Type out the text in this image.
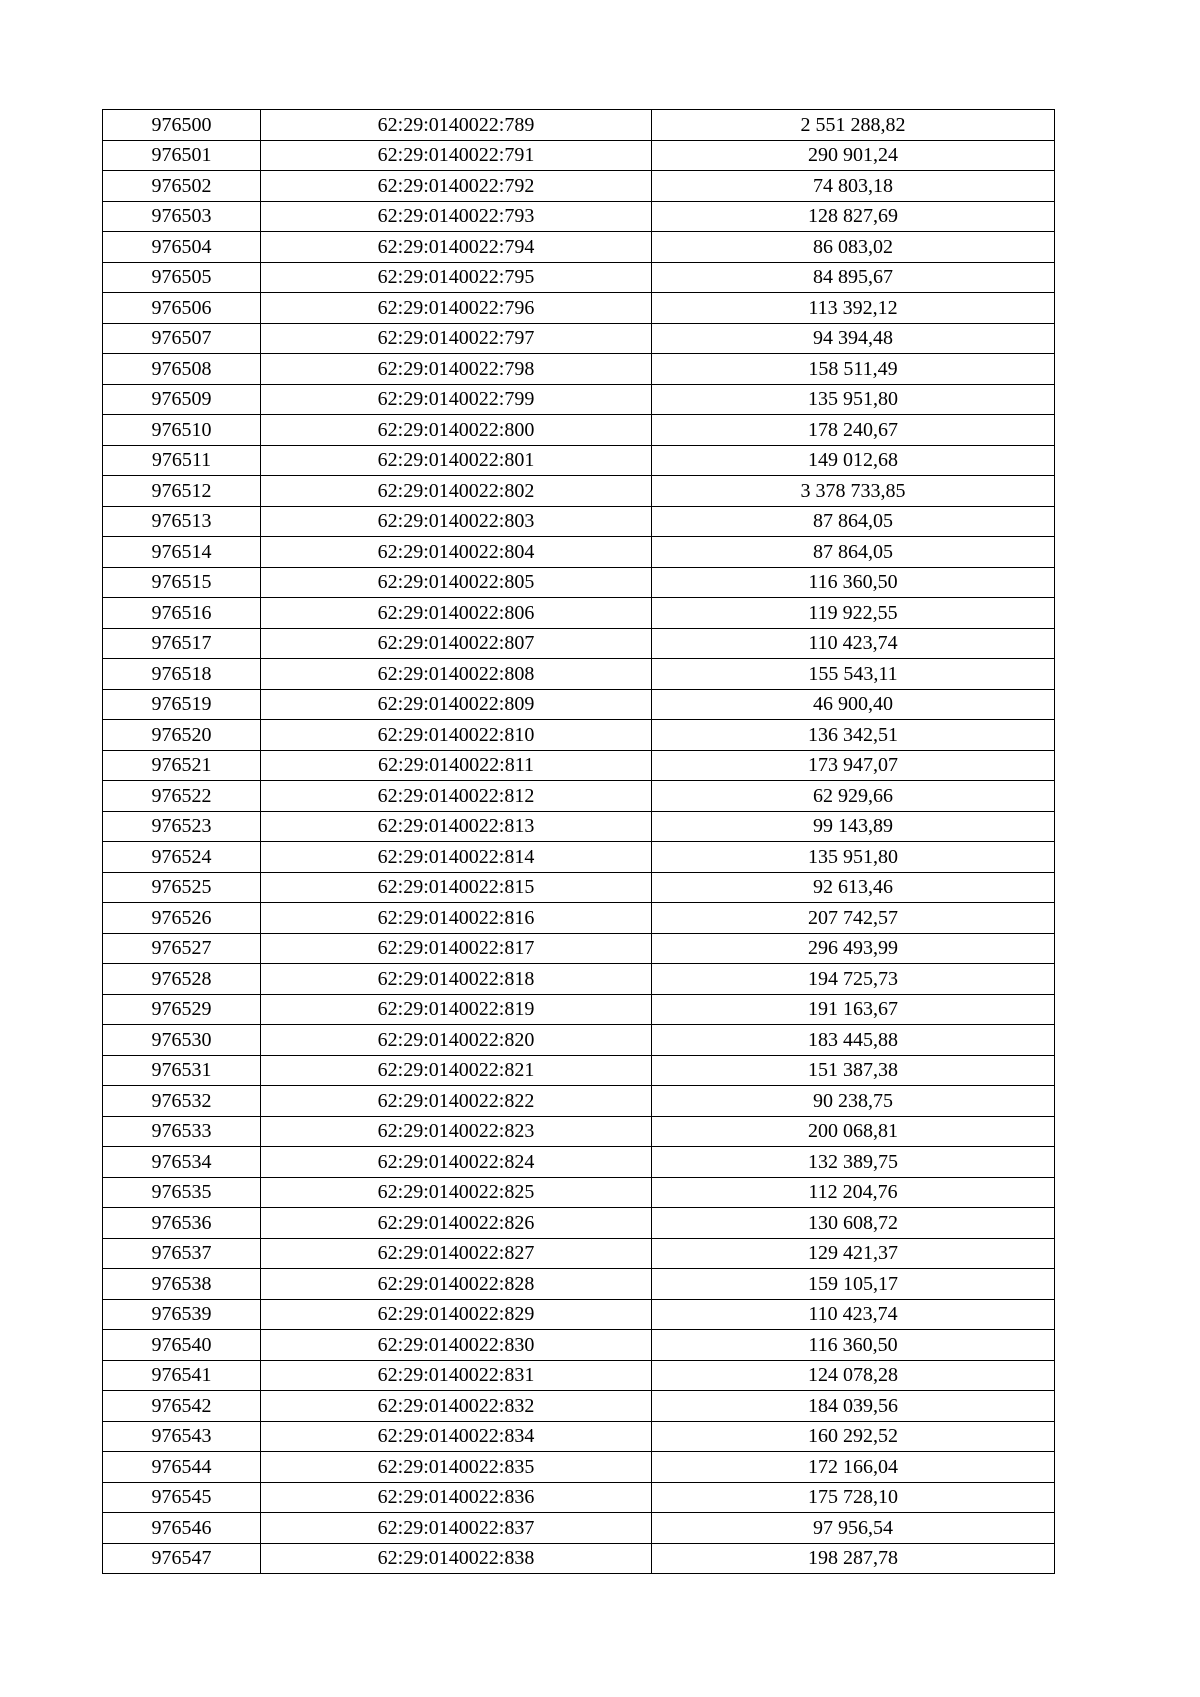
976500	62:29:0140022:789	2 551 288,82
976501	62:29:0140022:791	290 901,24
976502	62:29:0140022:792	74 803,18
976503	62:29:0140022:793	128 827,69
976504	62:29:0140022:794	86 083,02
976505	62:29:0140022:795	84 895,67
976506	62:29:0140022:796	113 392,12
976507	62:29:0140022:797	94 394,48
976508	62:29:0140022:798	158 511,49
976509	62:29:0140022:799	135 951,80
976510	62:29:0140022:800	178 240,67
976511	62:29:0140022:801	149 012,68
976512	62:29:0140022:802	3 378 733,85
976513	62:29:0140022:803	87 864,05
976514	62:29:0140022:804	87 864,05
976515	62:29:0140022:805	116 360,50
976516	62:29:0140022:806	119 922,55
976517	62:29:0140022:807	110 423,74
976518	62:29:0140022:808	155 543,11
976519	62:29:0140022:809	46 900,40
976520	62:29:0140022:810	136 342,51
976521	62:29:0140022:811	173 947,07
976522	62:29:0140022:812	62 929,66
976523	62:29:0140022:813	99 143,89
976524	62:29:0140022:814	135 951,80
976525	62:29:0140022:815	92 613,46
976526	62:29:0140022:816	207 742,57
976527	62:29:0140022:817	296 493,99
976528	62:29:0140022:818	194 725,73
976529	62:29:0140022:819	191 163,67
976530	62:29:0140022:820	183 445,88
976531	62:29:0140022:821	151 387,38
976532	62:29:0140022:822	90 238,75
976533	62:29:0140022:823	200 068,81
976534	62:29:0140022:824	132 389,75
976535	62:29:0140022:825	112 204,76
976536	62:29:0140022:826	130 608,72
976537	62:29:0140022:827	129 421,37
976538	62:29:0140022:828	159 105,17
976539	62:29:0140022:829	110 423,74
976540	62:29:0140022:830	116 360,50
976541	62:29:0140022:831	124 078,28
976542	62:29:0140022:832	184 039,56
976543	62:29:0140022:834	160 292,52
976544	62:29:0140022:835	172 166,04
976545	62:29:0140022:836	175 728,10
976546	62:29:0140022:837	97 956,54
976547	62:29:0140022:838	198 287,78
